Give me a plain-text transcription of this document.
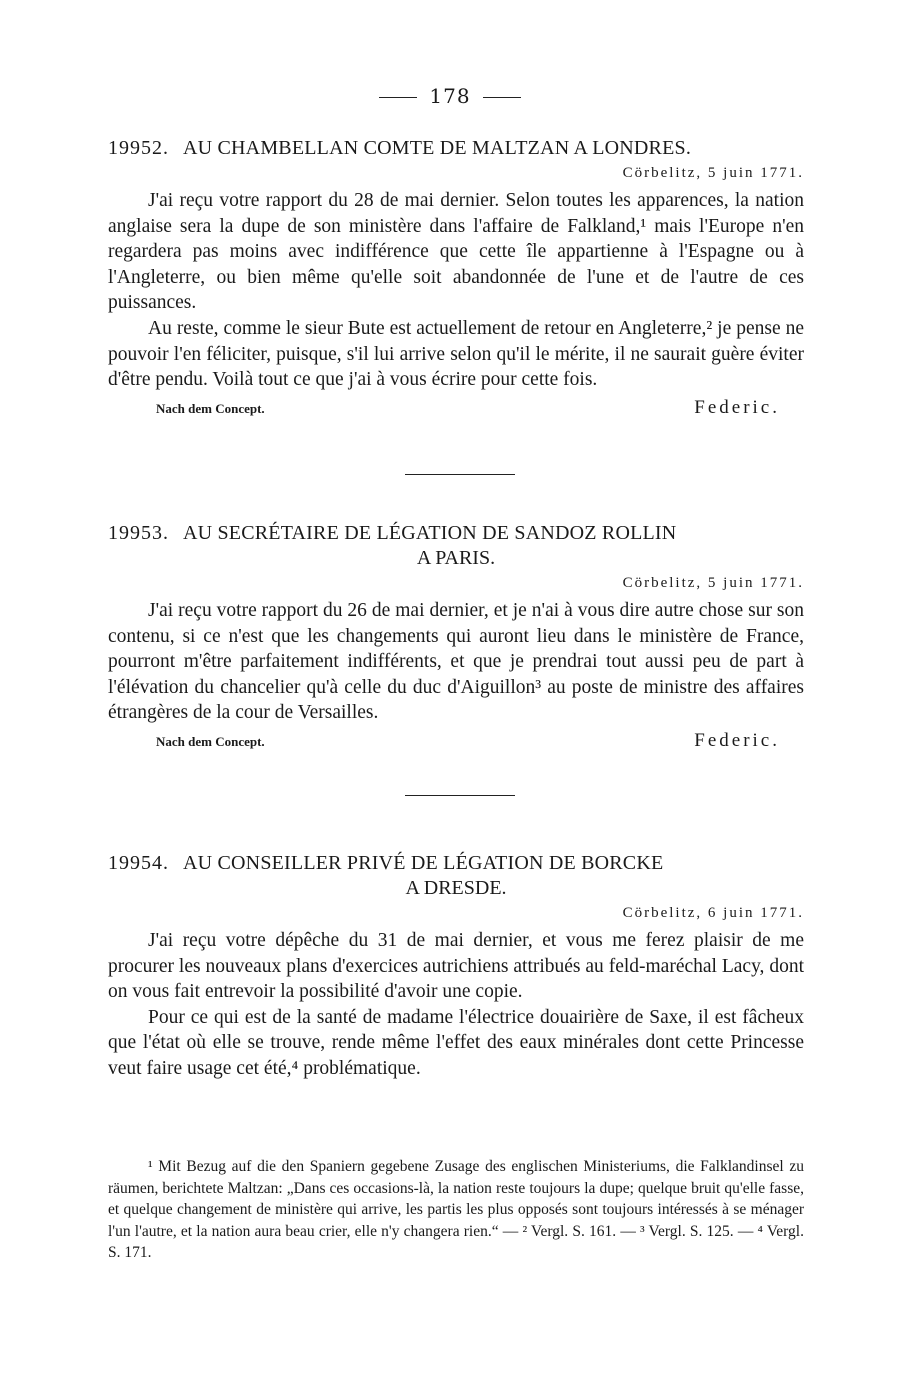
178

19952. AU CHAMBELLAN COMTE DE MALTZAN A LONDRES.

Cörbelitz, 5 juin 1771.

J'ai reçu votre rapport du 28 de mai dernier. Selon toutes les apparences, la nation anglaise sera la dupe de son ministère dans l'affaire de Falkland,¹ mais l'Europe n'en regardera pas moins avec indifférence que cette île appartienne à l'Espagne ou à l'Angleterre, ou bien même qu'elle soit abandonnée de l'une et de l'autre de ces puissances.

Au reste, comme le sieur Bute est actuellement de retour en Angleterre,² je pense ne pouvoir l'en féliciter, puisque, s'il lui arrive selon qu'il le mérite, il ne saurait guère éviter d'être pendu. Voilà tout ce que j'ai à vous écrire pour cette fois.

Nach dem Concept.	Federic.

19953. AU SECRÉTAIRE DE LÉGATION DE SANDOZ ROLLIN

A PARIS.

Cörbelitz, 5 juin 1771.

J'ai reçu votre rapport du 26 de mai dernier, et je n'ai à vous dire autre chose sur son contenu, si ce n'est que les changements qui auront lieu dans le ministère de France, pourront m'être parfaitement indifférents, et que je prendrai tout aussi peu de part à l'élévation du chancelier qu'à celle du duc d'Aiguillon³ au poste de ministre des affaires étrangères de la cour de Versailles.

Nach dem Concept.	Federic.

19954. AU CONSEILLER PRIVÉ DE LÉGATION DE BORCKE

A DRESDE.

Cörbelitz, 6 juin 1771.

J'ai reçu votre dépêche du 31 de mai dernier, et vous me ferez plaisir de me procurer les nouveaux plans d'exercices autrichiens attribués au feld-maréchal Lacy, dont on vous fait entrevoir la possibilité d'avoir une copie.

Pour ce qui est de la santé de madame l'électrice douairière de Saxe, il est fâcheux que l'état où elle se trouve, rende même l'effet des eaux minérales dont cette Princesse veut faire usage cet été,⁴ problématique.

¹ Mit Bezug auf die den Spaniern gegebene Zusage des englischen Ministeriums, die Falklandinsel zu räumen, berichtete Maltzan: „Dans ces occasions-là, la nation reste toujours la dupe; quelque bruit qu'elle fasse, et quelque changement de ministère qui arrive, les partis les plus opposés sont toujours intéressés à se ménager l'un l'autre, et la nation aura beau crier, elle n'y changera rien.“ — ² Vergl. S. 161. — ³ Vergl. S. 125. — ⁴ Vergl. S. 171.
